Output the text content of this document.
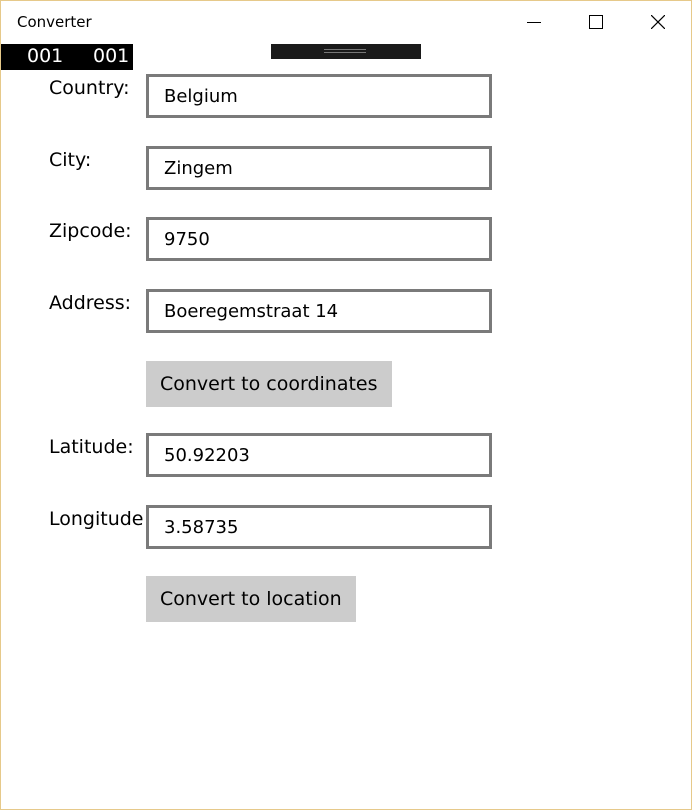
Converter
001 001
Country:
Belgium
City:
Zingem
Zipcode:
9750
Address:
Boeregemstraat 14
Convert to coordinates
Latitude:
50.92203
Longitude
3.58735
Convert to location
